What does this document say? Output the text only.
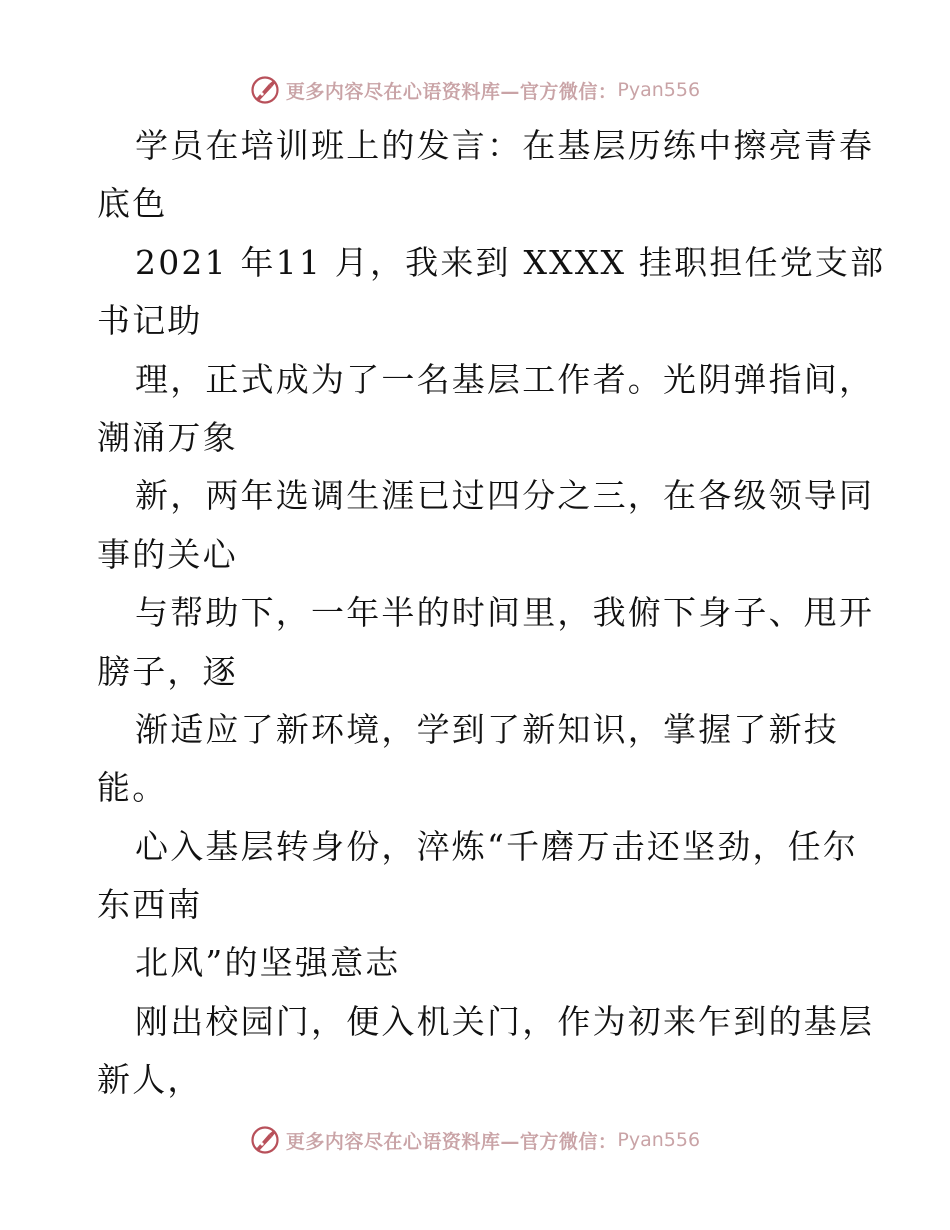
更多内容尽在心语资料库—官方微信： Pyan556
学员在培训班上的发言：在基层历练中擦亮青春
底色
2021 年11 月，我来到 XXXX 挂职担任党支部
书记助
理，正式成为了一名基层工作者。光阴弹指间，
潮涌万象
新，两年选调生涯已过四分之三，在各级领导同
事的关心
与帮助下，一年半的时间里，我俯下身子、甩开
膀子，逐
渐适应了新环境，学到了新知识，掌握了新技
能。
心入基层转身份，淬炼“千磨万击还坚劲，任尔
东西南
北风”的坚强意志
刚出校园门，便入机关门，作为初来乍到的基层
新人，
更多内容尽在心语资料库—官方微信： Pyan556
